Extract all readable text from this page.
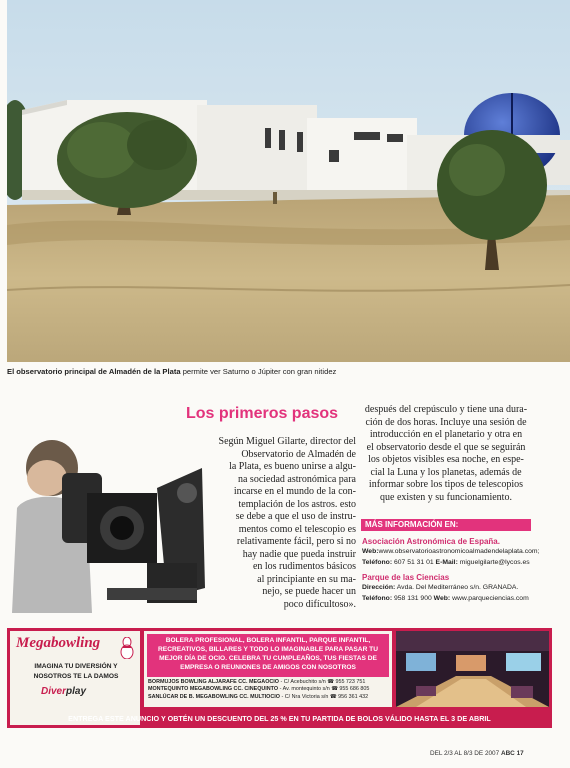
El observatorio principal de Almadén de la Plata permite ver Saturno o Júpiter con gran nitidez
Los primeros pasos
Según Miguel Gilarte, director del
Observatorio de Almadén de
la Plata, es bueno unirse a algu-
na sociedad astronómica para
incarse en el mundo de la con-
templación de los astros. esto
se debe a que el uso de instru-
mentos como el telescopio es
relativamente fácil, pero si no
hay nadie que pueda instruir
en los rudimentos básicos
al principiante en su ma-
nejo, se puede hacer un
poco difícultoso».
después del crepúsculo y tiene una dura-
ción de dos horas. Incluye una sesión de
introducción en el planetario y otra en
el observatorio desde el que se seguirán
los objetos visibles esa noche, en espe-
cial la Luna y los planetas, además de
informar sobre los tipos de telescopios
que existen y su funcionamiento.
MÁS INFORMACIÓN EN:
Asociación Astronómica de España.
Web:www.observatorioastronomicoalmadendelaplata.com;
Teléfono: 607 51 31 01 E-Mail: miguelgilarte@lycos.es
Parque de las Ciencias
Dirección: Avda. Del Mediterráneo s/n. GRANADA.
Teléfono: 958 131 900 Web: www.parqueciencias.com
Megabowling
IMAGINA TU DIVERSIÓN Y
NOSOTROS TE LA DAMOS
Diverplay
BOLERA PROFESIONAL, BOLERA INFANTIL, PARQUE INFANTIL,
RECREATIVOS, BILLARES Y TODO LO IMAGINABLE PARA PASAR TU
MEJOR DÍA DE OCIO. CELEBRA TU CUMPLEAÑOS, TUS FIESTAS DE
EMPRESA O REUNIONES DE AMIGOS CON NOSOTROS
BORMUJOS BOWLING ALJARAFE CC. MEGAOCIO - C/ Acebuchito s/n ☎ 955 723 751
MONTEQUINTO MEGABOWLING CC. CINEQUINTO - Av. montequinto s/n ☎ 955 686 805
SANLÚCAR DE B. MEGABOWLING CC. MULTIOCIO - C/ Nra Victoria s/n ☎ 956 361 432
ENTREGA ESTE ANUNCIO Y OBTÉN UN DESCUENTO DEL 25 % EN TU PARTIDA DE BOLOS VÁLIDO HASTA EL 3 DE ABRIL
DEL 2/3 AL 8/3 DE 2007 ABC 17
